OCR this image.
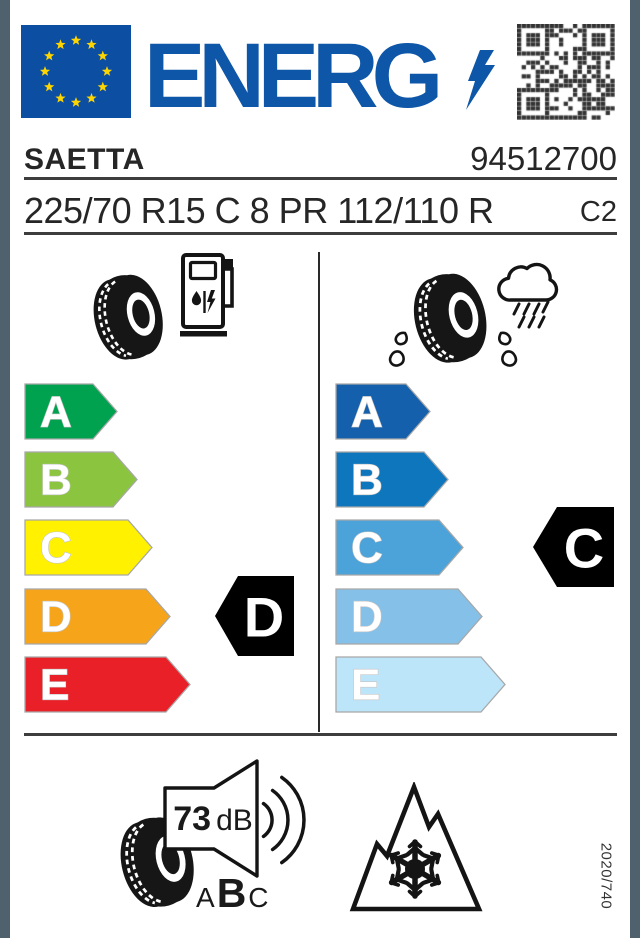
ENERG
SAETTA	94512700
225/70 R15 C 8 PR 112/110 R	C2
A
B
C
D
E
A
B
C
D
E
D
C
73 dB
A B C	2020/740
